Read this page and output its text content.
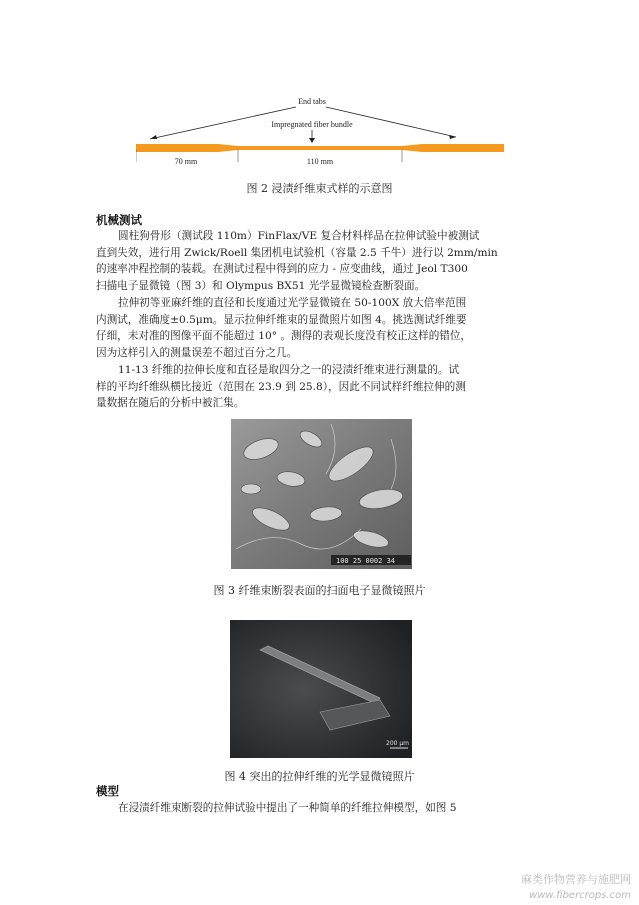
End tabs
Impregnated fiber bundle
70 mm	110 mm
图 2 浸渍纤维束式样的示意图
机械测试
圆柱狗骨形（测试段 110m）FinFlax/VE 复合材料样品在拉伸试验中被测试
直到失效，进行用 Zwick/Roell 集团机电试验机（容量 2.5 千牛）进行以 2mm/min
的速率冲程控制的装载。在测试过程中得到的应力 - 应变曲线，通过 Jeol T300
扫描电子显微镜（图 3）和 Olympus BX51 光学显微镜检查断裂面。
拉伸初等亚麻纤维的直径和长度通过光学显微镜在 50-100X 放大倍率范围
内测试，准确度±0.5μm。显示拉伸纤维束的显微照片如图 4。挑选测试纤维要
仔细，未对准的图像平面不能超过 10° 。测得的表观长度没有校正这样的错位，
因为这样引入的测量误差不超过百分之几。
11-13 纤维的拉伸长度和直径是取四分之一的浸渍纤维束进行测量的。试
样的平均纤维纵横比接近（范围在 23.9 到 25.8），因此不同试样纤维拉伸的测
量数据在随后的分析中被汇集。
100 25 0002 34
图 3 纤维束断裂表面的扫面电子显微镜照片
200 µm
图 4 突出的拉伸纤维的光学显微镜照片
模型
在浸渍纤维束断裂的拉伸试验中提出了一种简单的纤维拉伸模型，如图 5
麻类作物营养与施肥网
www.fibercrops.com
